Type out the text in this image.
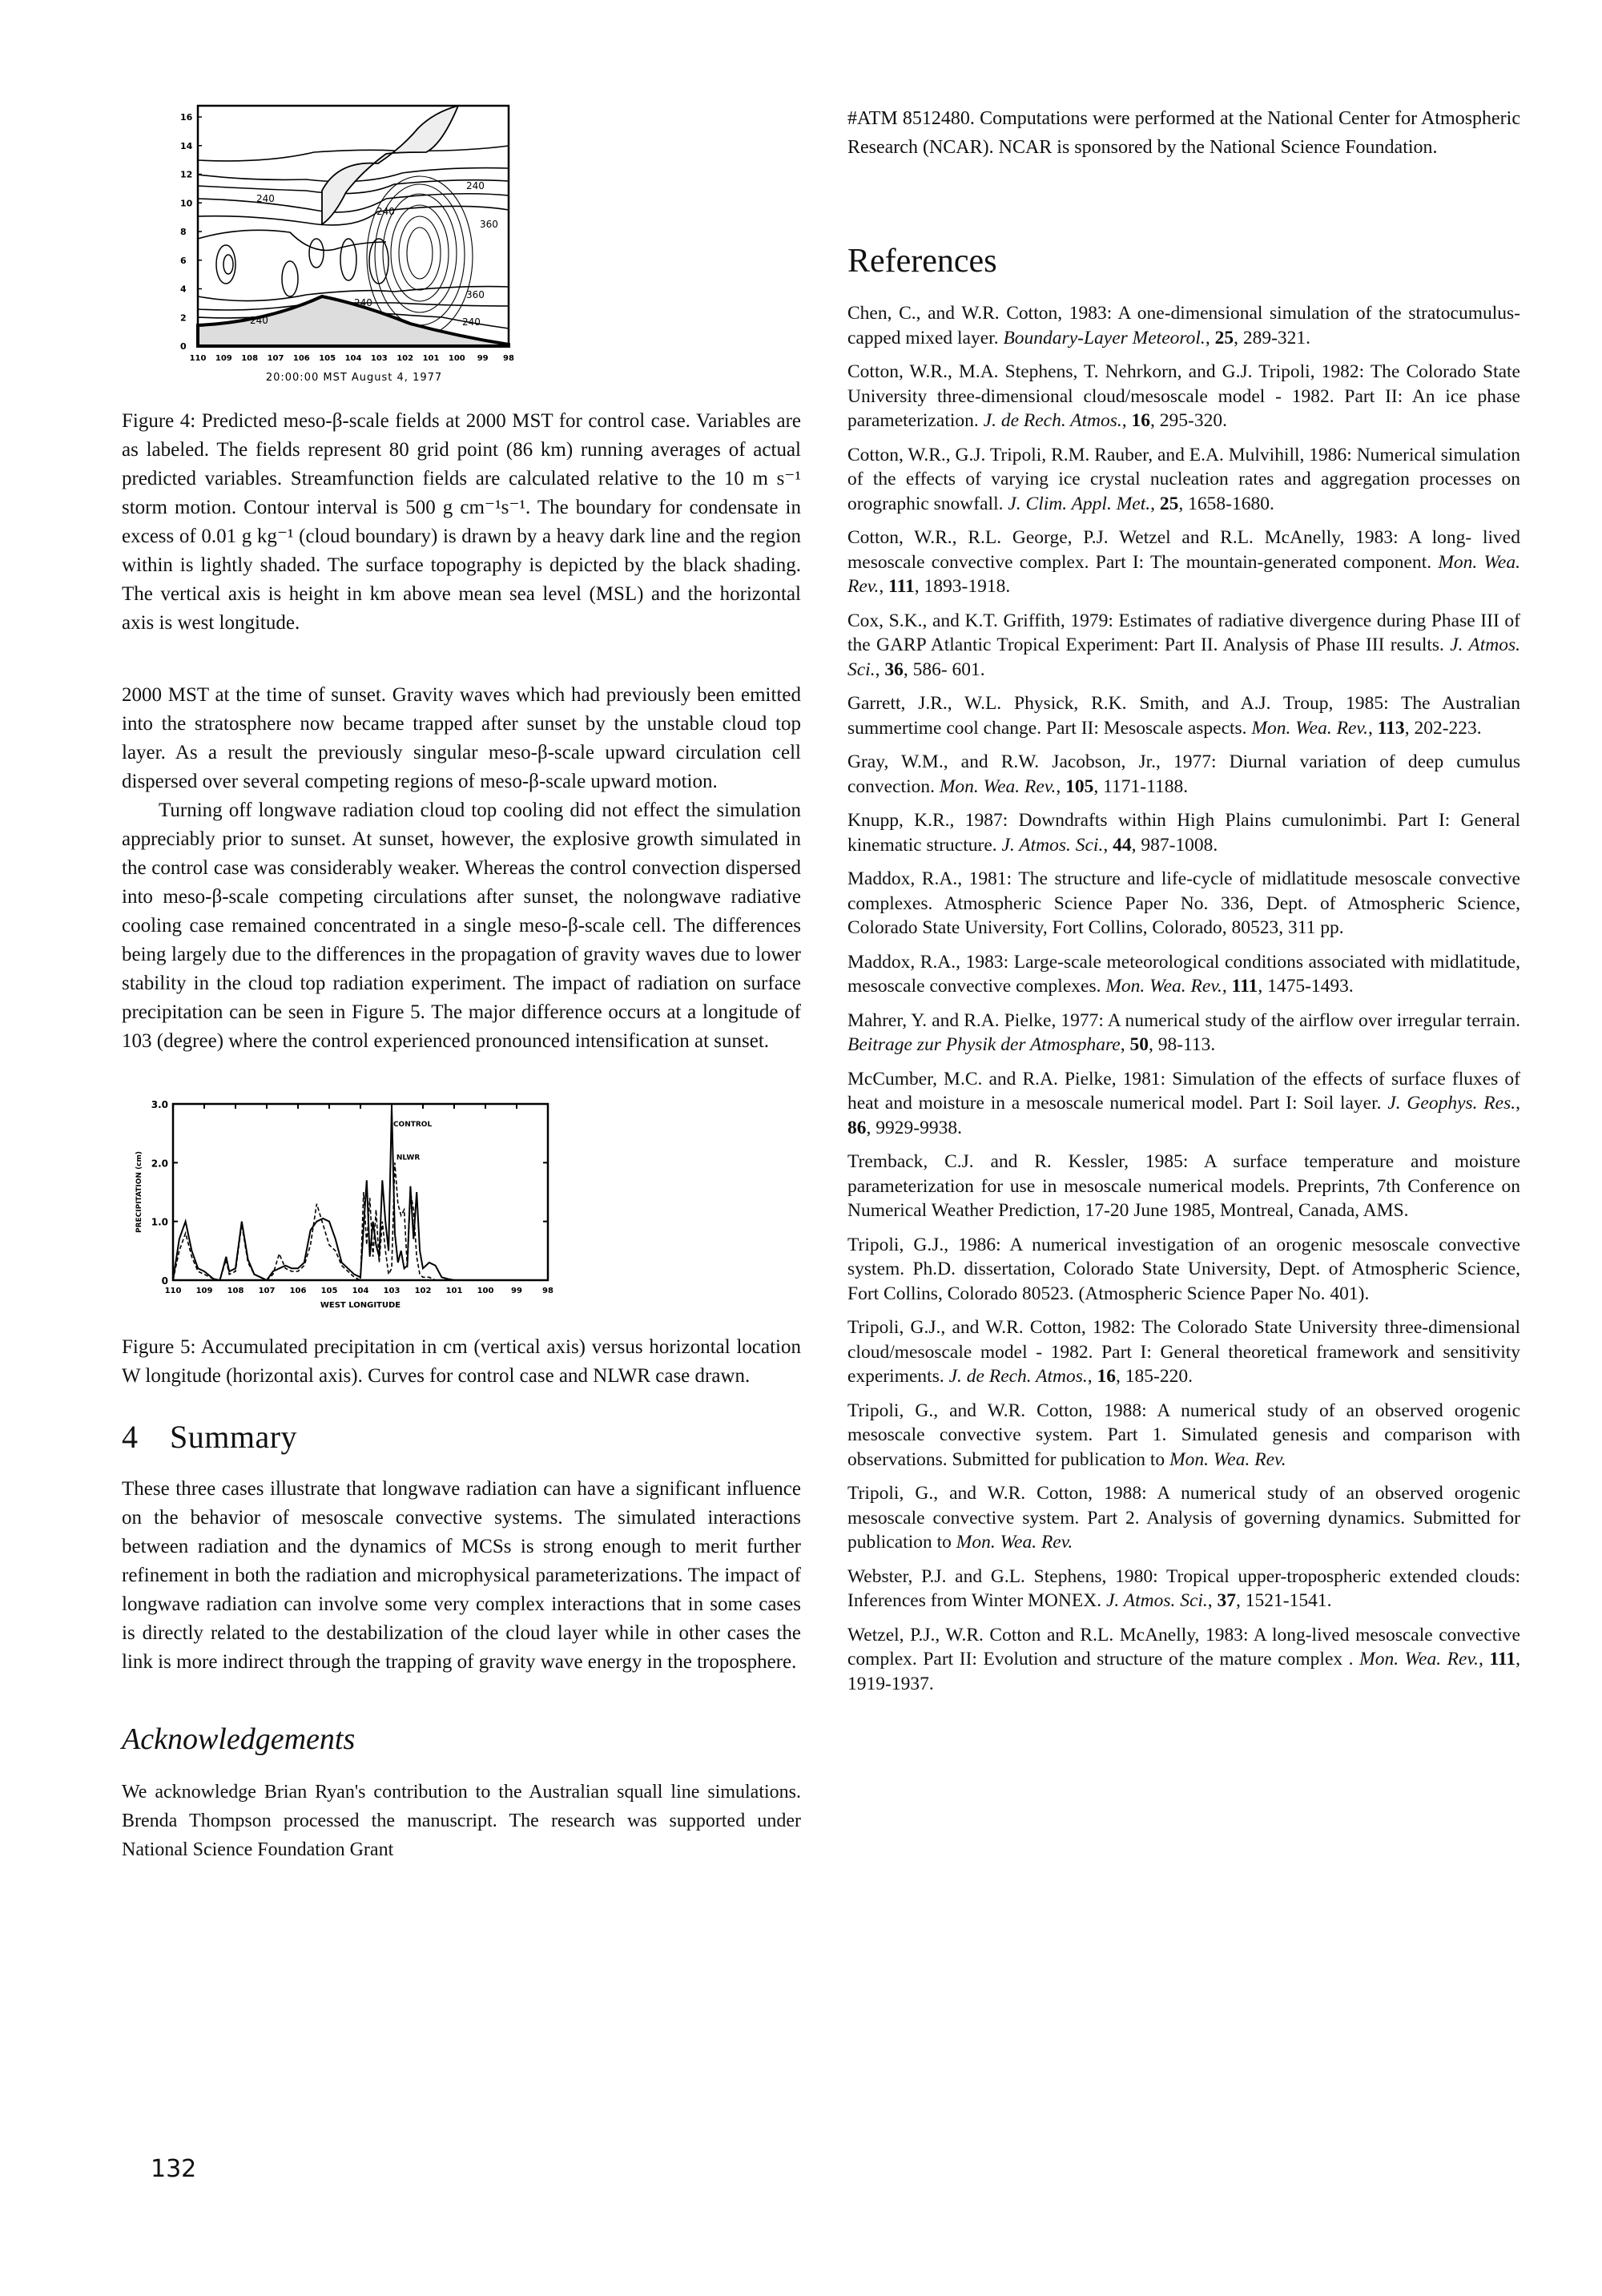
16
14
12
10
8
6
4
2
0
110 109 108 107 106 105 104 103 102 101 100 99 98
240
240
240
360
360
240
240	240
20:00:00 MST August 4, 1977
Figure 4: Predicted meso-β-scale fields at 2000 MST for control case. Variables are as labeled. The fields represent 80 grid point (86 km) running averages of actual predicted variables. Streamfunction fields are calculated relative to the 10 m s⁻¹ storm motion. Contour interval is 500 g cm⁻¹s⁻¹. The boundary for condensate in excess of 0.01 g kg⁻¹ (cloud boundary) is drawn by a heavy dark line and the region within is lightly shaded. The surface topography is depicted by the black shading. The vertical axis is height in km above mean sea level (MSL) and the horizontal axis is west longitude.

2000 MST at the time of sunset. Gravity waves which had previously been emitted into the stratosphere now became trapped after sunset by the unstable cloud top layer. As a result the previously singular meso-β-scale upward circulation cell dispersed over several competing regions of meso-β-scale upward motion.

Turning off longwave radiation cloud top cooling did not effect the simulation appreciably prior to sunset. At sunset, however, the explosive growth simulated in the control case was considerably weaker. Whereas the control convection dispersed into meso-β-scale competing circulations after sunset, the nolongwave radiative cooling case remained concentrated in a single meso-β-scale cell. The differences being largely due to the differences in the propagation of gravity waves due to lower stability in the cloud top radiation experiment. The impact of radiation on surface precipitation can be seen in Figure 5. The major difference occurs at a longitude of 103 (degree) where the control experienced pronounced intensification at sunset.

3.0
2.0
1.0
0
110 109 108 107 106 105 104 103 102 101 100 99	98
WEST LONGITUDE
PRECIPITATION (cm)
CONTROL
NLWR
Figure 5: Accumulated precipitation in cm (vertical axis) versus horizontal location W longitude (horizontal axis). Curves for control case and NLWR case drawn.
4 Summary

These three cases illustrate that longwave radiation can have a significant influence on the behavior of mesoscale convective systems. The simulated interactions between radiation and the dynamics of MCSs is strong enough to merit further refinement in both the radiation and microphysical parameterizations. The impact of longwave radiation can involve some very complex interactions that in some cases is directly related to the destabilization of the cloud layer while in other cases the link is more indirect through the trapping of gravity wave energy in the troposphere.

Acknowledgements

We acknowledge Brian Ryan's contribution to the Australian squall line simulations. Brenda Thompson processed the manuscript. The research was supported under National Science Foundation Grant

#ATM 8512480. Computations were performed at the National Center for Atmospheric Research (NCAR). NCAR is sponsored by the National Science Foundation.

References
Chen, C., and W.R. Cotton, 1983: A one-dimensional simulation of the stratocumulus-capped mixed layer. Boundary-Layer Meteorol., 25, 289-321.
Cotton, W.R., M.A. Stephens, T. Nehrkorn, and G.J. Tripoli, 1982: The Colorado State University three-dimensional cloud/mesoscale model - 1982. Part II: An ice phase parameterization. J. de Rech. Atmos., 16, 295-320.
Cotton, W.R., G.J. Tripoli, R.M. Rauber, and E.A. Mulvihill, 1986: Numerical simulation of the effects of varying ice crystal nucleation rates and aggregation processes on orographic snowfall. J. Clim. Appl. Met., 25, 1658-1680.
Cotton, W.R., R.L. George, P.J. Wetzel and R.L. McAnelly, 1983: A long- lived mesoscale convective complex. Part I: The mountain-generated component. Mon. Wea. Rev., 111, 1893-1918.
Cox, S.K., and K.T. Griffith, 1979: Estimates of radiative divergence during Phase III of the GARP Atlantic Tropical Experiment: Part II. Analysis of Phase III results. J. Atmos. Sci., 36, 586- 601.
Garrett, J.R., W.L. Physick, R.K. Smith, and A.J. Troup, 1985: The Australian summertime cool change. Part II: Mesoscale aspects. Mon. Wea. Rev., 113, 202-223.
Gray, W.M., and R.W. Jacobson, Jr., 1977: Diurnal variation of deep cumulus convection. Mon. Wea. Rev., 105, 1171-1188.
Knupp, K.R., 1987: Downdrafts within High Plains cumulonimbi. Part I: General kinematic structure. J. Atmos. Sci., 44, 987-1008.
Maddox, R.A., 1981: The structure and life-cycle of midlatitude mesoscale convective complexes. Atmospheric Science Paper No. 336, Dept. of Atmospheric Science, Colorado State University, Fort Collins, Colorado, 80523, 311 pp.
Maddox, R.A., 1983: Large-scale meteorological conditions associated with midlatitude, mesoscale convective complexes. Mon. Wea. Rev., 111, 1475-1493.
Mahrer, Y. and R.A. Pielke, 1977: A numerical study of the airflow over irregular terrain. Beitrage zur Physik der Atmosphare, 50, 98-113.
McCumber, M.C. and R.A. Pielke, 1981: Simulation of the effects of surface fluxes of heat and moisture in a mesoscale numerical model. Part I: Soil layer. J. Geophys. Res., 86, 9929-9938.
Tremback, C.J. and R. Kessler, 1985: A surface temperature and moisture parameterization for use in mesoscale numerical models. Preprints, 7th Conference on Numerical Weather Prediction, 17-20 June 1985, Montreal, Canada, AMS.
Tripoli, G.J., 1986: A numerical investigation of an orogenic mesoscale convective system. Ph.D. dissertation, Colorado State University, Dept. of Atmospheric Science, Fort Collins, Colorado 80523. (Atmospheric Science Paper No. 401).
Tripoli, G.J., and W.R. Cotton, 1982: The Colorado State University three-dimensional cloud/mesoscale model - 1982. Part I: General theoretical framework and sensitivity experiments. J. de Rech. Atmos., 16, 185-220.
Tripoli, G., and W.R. Cotton, 1988: A numerical study of an observed orogenic mesoscale convective system. Part 1. Simulated genesis and comparison with observations. Submitted for publication to Mon. Wea. Rev.
Tripoli, G., and W.R. Cotton, 1988: A numerical study of an observed orogenic mesoscale convective system. Part 2. Analysis of governing dynamics. Submitted for publication to Mon. Wea. Rev.
Webster, P.J. and G.L. Stephens, 1980: Tropical upper-tropospheric extended clouds: Inferences from Winter MONEX. J. Atmos. Sci., 37, 1521-1541.
Wetzel, P.J., W.R. Cotton and R.L. McAnelly, 1983: A long-lived mesoscale convective complex. Part II: Evolution and structure of the mature complex . Mon. Wea. Rev., 111, 1919-1937.
132
